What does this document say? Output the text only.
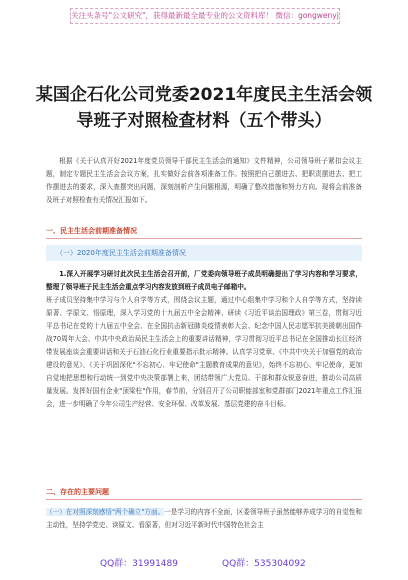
关注头条号"公文研究"，获得最新最全最专业的公文资料库！ 微信：gongwenyj
某国企石化公司党委2021年度民主生活会领
导班子对照检查材料（五个带头）
根据《关于认真开好2021年度党员领导干部民主生活会的通知》文件精神，公司领导班子紧扣会议主题，制定专题民主生活会会议方案，扎实做好会前各项准备工作。按照把自己摆进去、把职责摆进去、把工作摆进去的要求，深入查摆突出问题，深刻剖析产生问题根源，明确了整改措施和努力方向。现将会前准备及班子对照检查有关情况汇报如下。
一、民主生活会前期准备情况
（一）2020年度民主生活会前期准备情况
1.深入开展学习研讨此次民主生活会召开前，厂党委向领导班子成员明确提出了学习内容和学习要求，整理了领导班子民主生活会重点学习内容发放到班子成员电子邮箱中。
班子成员坚持集中学习与个人自学等方式，围绕会议主题，通过中心组集中学习和个人自学等方式，坚持读原著、学原文、悟原理，深入学习党的十九届五中全会精神、研读《习近平谈治国理政》第三卷，贯彻习近平总书记在党的十九届五中全会、在全国抗击新冠肺炎疫情表彰大会、纪念中国人民志愿军抗美援朝出国作战70周年大会、中共中央政治局民主生活会上的重要讲话精神，学习贯彻习近平总书记在全国推动长江经济带发展座谈会重要讲话和关于石油石化行业重要指示批示精神。认真学习党章、《中共中央关于加强党的政治建设的意见》、《关于巩固深化"不忘初心、牢记使命"主题教育成果的意见》，始终不忘初心、牢记使命，更加自觉地把思想和行动统一到党中央决策部署上来，团结带领广大党员、干部和群众锐意奋进，推动公司高质量发展。发挥好国有企业"顶梁柱"作用，春节前，分别召开了公司职能部室和党群部门2021年重点工作汇报会，进一步明确了今年公司生产经营、安全环保、改革发展、基层党建的奋斗目标。
二、存在的主要问题
（一）在对照深刻感悟"两个确立"方面。一是学习的内容不全面，区委领导班子虽然能够养成学习的自觉性和主动性，坚持学党史、读原文、看原著，但对习近平新时代中国特色社会主
QQ群：31991489	QQ群：535304092
